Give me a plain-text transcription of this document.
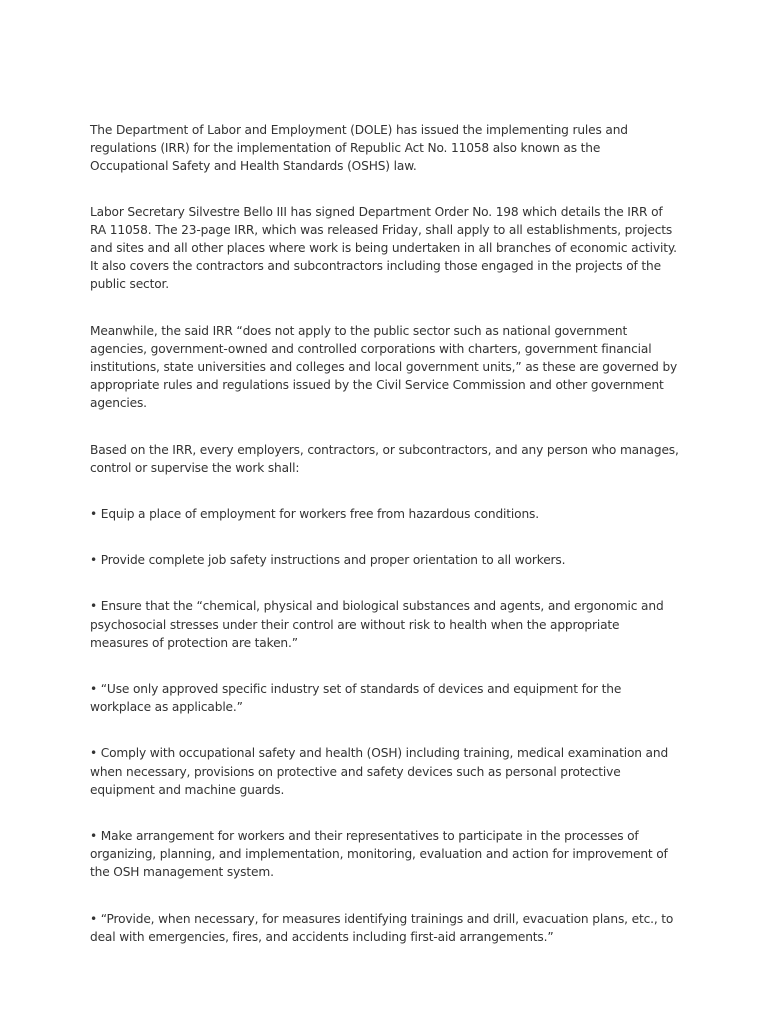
The Department of Labor and Employment (DOLE) has issued the implementing rules and regulations (IRR) for the implementation of Republic Act No. 11058 also known as the Occupational Safety and Health Standards (OSHS) law.

Labor Secretary Silvestre Bello III has signed Department Order No. 198 which details the IRR of RA 11058. The 23-page IRR, which was released Friday, shall apply to all establishments, projects and sites and all other places where work is being undertaken in all branches of economic activity. It also covers the contractors and subcontractors including those engaged in the projects of the public sector.

Meanwhile, the said IRR “does not apply to the public sector such as national government agencies, government-owned and controlled corporations with charters, government financial institutions, state universities and colleges and local government units,” as these are governed by appropriate rules and regulations issued by the Civil Service Commission and other government agencies.

Based on the IRR, every employers, contractors, or subcontractors, and any person who manages, control or supervise the work shall:

• Equip a place of employment for workers free from hazardous conditions.

• Provide complete job safety instructions and proper orientation to all workers.

• Ensure that the “chemical, physical and biological substances and agents, and ergonomic and psychosocial stresses under their control are without risk to health when the appropriate measures of protection are taken.”

• “Use only approved specific industry set of standards of devices and equipment for the workplace as applicable.”

• Comply with occupational safety and health (OSH) including training, medical examination and when necessary, provisions on protective and safety devices such as personal protective equipment and machine guards.

• Make arrangement for workers and their representatives to participate in the processes of organizing, planning, and implementation, monitoring, evaluation and action for improvement of the OSH management system.

• “Provide, when necessary, for measures identifying trainings and drill, evacuation plans, etc., to deal with emergencies, fires, and accidents including first-aid arrangements.”
